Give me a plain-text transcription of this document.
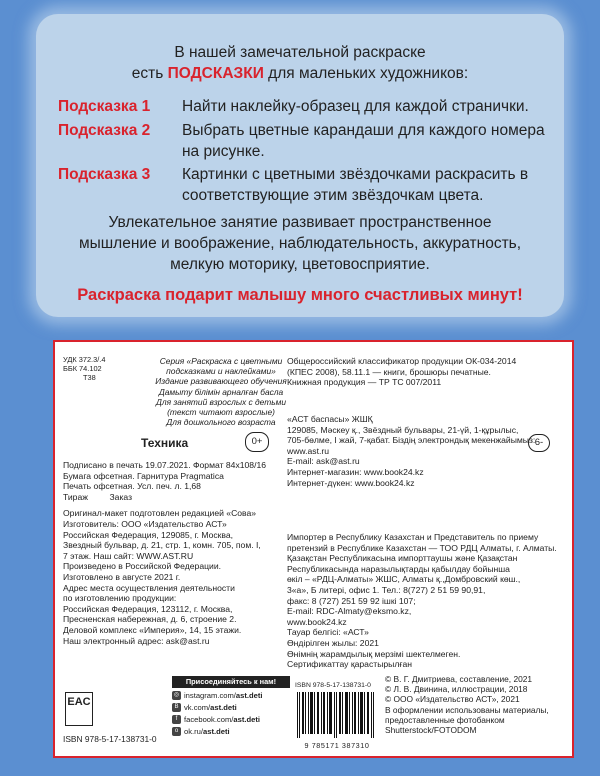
В нашей замечательной раскраске
есть ПОДСКАЗКИ для маленьких художников:
Подсказка 1 Найти наклейку-образец для каждой странички.
Подсказка 2 Выбрать цветные карандаши для каждого номера на рисунке.
Подсказка 3 Картинки с цветными звёздочками раскрасить в соответствующие этим звёздочкам цвета.
Увлекательное занятие развивает пространственное
мышление и воображение, наблюдательность, аккуратность,
мелкую моторику, цветовосприятие.
Раскраска подарит малышу много счастливых минут!
УДК 372.3/.4
ББК 74.102
Т38
Серия «Раскраска с цветными
подсказками и наклейками»
Издание развивающего обучения
Дамыту білімін арналған басла
Для занятий взрослых с детьми
(текст читают взрослые)
Для дошкольного возраста
Техника	0+
Подписано в печать 19.07.2021. Формат 84х108/16
Бумага офсетная. Гарнитура Pragmatica
Печать офсетная. Усл. печ. л. 1,68
Тираж         Заказ
Оригинал-макет подготовлен редакцией «Сова»
Изготовитель: ООО «Издательство АСТ»
Российская Федерация, 129085, г. Москва,
Звездный бульвар, д. 21, стр. 1, комн. 705, пом. I,
7 этаж. Наш сайт: WWW.AST.RU
Произведено в Российской Федерации.
Изготовлено в августе 2021 г.
Адрес места осуществления деятельности
по изготовлению продукции:
Российская Федерация, 123112, г. Москва,
Пресненская набережная, д. 6, строение 2.
Деловой комплекс «Империя», 14, 15 этажи.
Наш электронный адрес: ask@ast.ru
Общероссийский классификатор продукции ОК-034-2014
(КПЕС 2008), 58.11.1 — книги, брошюры печатные.
Книжная продукция — ТР ТС 007/2011
«АСТ баспасы» ЖШҚ
129085, Мәскеу қ., Звёздный бульвары, 21-үй, 1-құрылыс,
705-бөлме, I жай, 7-қабат. Біздің электрондық мекенжайымыз:
www.ast.ru
E-mail: ask@ast.ru
Интернет-магазин: www.book24.kz
Интернет-дүкен: www.book24.kz
6-
Импортер в Республику Казахстан и Представитель по приему
претензий в Республике Казахстан — ТОО РДЦ Алматы, г. Алматы.
Қазақстан Республикасына импорттаушы және Қазақстан
Республикасында наразылықтарды қабылдау бойынша
өкіл – «РДЦ-Алматы» ЖШС, Алматы қ.,Домбровский көш.,
3«а», Б литері, офис 1. Тел.: 8(727) 2 51 59 90,91,
факс: 8 (727) 251 59 92 ішкі 107;
E-mail: RDC-Almaty@eksmo.kz,
www.book24.kz
Тауар белгісі: «АСТ»
Өндірілген жылы: 2021
Өнімнің жарамдылық мерзімі шектелмеген.
Сертификаттау қарастырылған
© В. Г. Дмитриева, составление, 2021
© Л. В. Двинина, иллюстрации, 2018
© ООО «Издательство АСТ», 2021
В оформлении использованы материалы,
предоставленные фотобанком
Shutterstock/FOTODOM
EAC
ISBN 978-5-17-138731-0
Присоединяйтесь к нам!
◎ instagram.com/ ast.deti
В vk.com/ ast.deti
f facebook.com/ ast.deti
о ok.ru/ ast.deti
ISBN 978-5-17-138731-0
9 785171 387310
